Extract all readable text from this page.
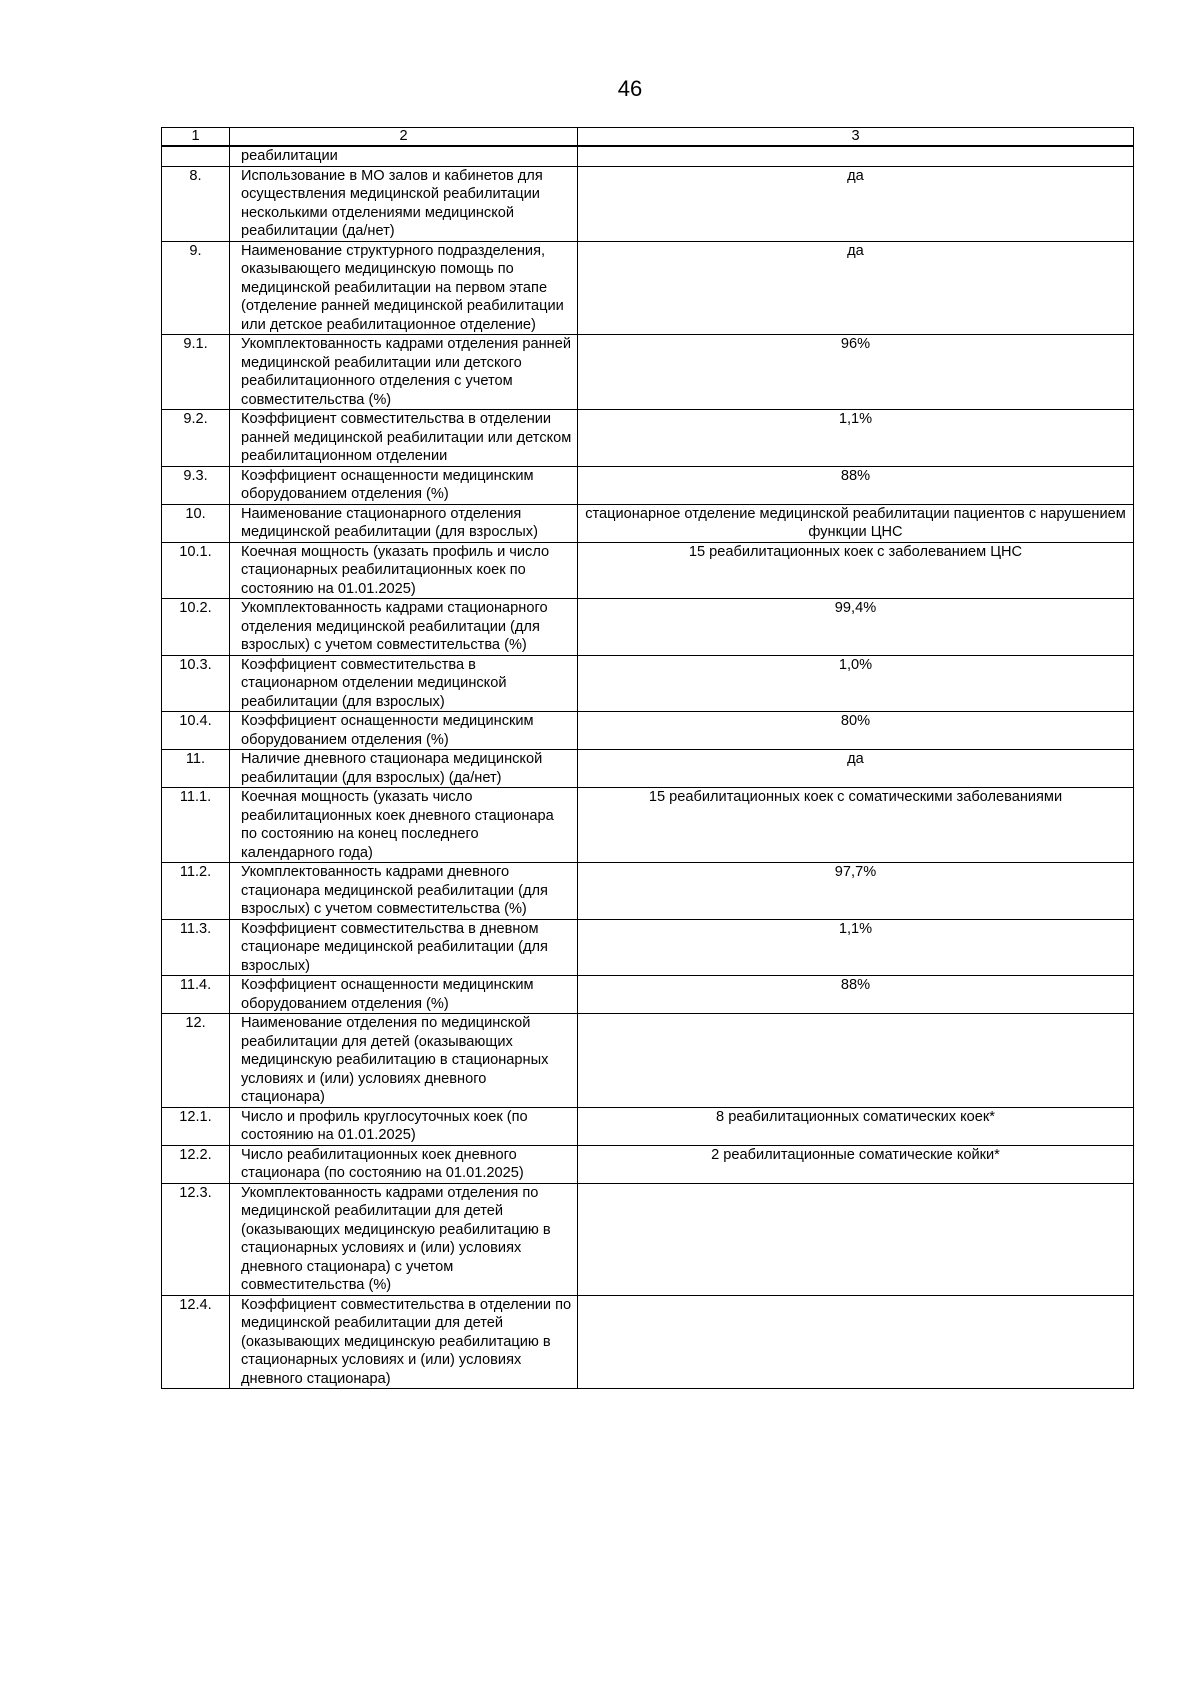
46
1	2	3
	реабилитации	
8.	Использование в МО залов и кабинетов для осуществления медицинской реабилитации несколькими отделениями медицинской реабилитации (да/нет)	да
9.	Наименование структурного подразделения, оказывающего медицинскую помощь по медицинской реабилитации на первом этапе (отделение ранней медицинской реабилитации или детское реабилитационное отделение)	да
9.1.	Укомплектованность кадрами отделения ранней медицинской реабилитации или детского реабилитационного отделения с учетом совместительства (%)	96%
9.2.	Коэффициент совместительства в отделении ранней медицинской реабилитации или детском реабилитационном отделении	1,1%
9.3.	Коэффициент оснащенности медицинским оборудованием отделения (%)	88%
10.	Наименование стационарного отделения медицинской реабилитации (для взрослых)	стационарное отделение медицинской реабилитации пациентов с нарушением функции ЦНС
10.1.	Коечная мощность (указать профиль и число стационарных реабилитационных коек по состоянию на 01.01.2025)	15 реабилитационных коек с заболеванием ЦНС
10.2.	Укомплектованность кадрами стационарного отделения медицинской реабилитации (для взрослых) с учетом совместительства (%)	99,4%
10.3.	Коэффициент совместительства в стационарном отделении медицинской реабилитации (для взрослых)	1,0%
10.4.	Коэффициент оснащенности медицинским оборудованием отделения (%)	80%
11.	Наличие дневного стационара медицинской реабилитации (для взрослых) (да/нет)	да
11.1.	Коечная мощность (указать число реабилитационных коек дневного стационара по состоянию на конец последнего календарного года)	15 реабилитационных коек с соматическими заболеваниями
11.2.	Укомплектованность кадрами дневного стационара медицинской реабилитации (для взрослых) с учетом совместительства (%)	97,7%
11.3.	Коэффициент совместительства в дневном стационаре медицинской реабилитации (для взрослых)	1,1%
11.4.	Коэффициент оснащенности медицинским оборудованием отделения (%)	88%
12.	Наименование отделения по медицинской реабилитации для детей (оказывающих медицинскую реабилитацию в стационарных условиях и (или) условиях дневного стационара)	
12.1.	Число и профиль круглосуточных коек (по состоянию на 01.01.2025)	8 реабилитационных соматических коек*
12.2.	Число реабилитационных коек дневного стационара (по состоянию на 01.01.2025)	2 реабилитационные соматические койки*
12.3.	Укомплектованность кадрами отделения по медицинской реабилитации для детей (оказывающих медицинскую реабилитацию в стационарных условиях и (или) условиях дневного стационара) с учетом совместительства (%)	
12.4.	Коэффициент совместительства в отделении по медицинской реабилитации для детей (оказывающих медицинскую реабилитацию в стационарных условиях и (или) условиях дневного стационара)	
